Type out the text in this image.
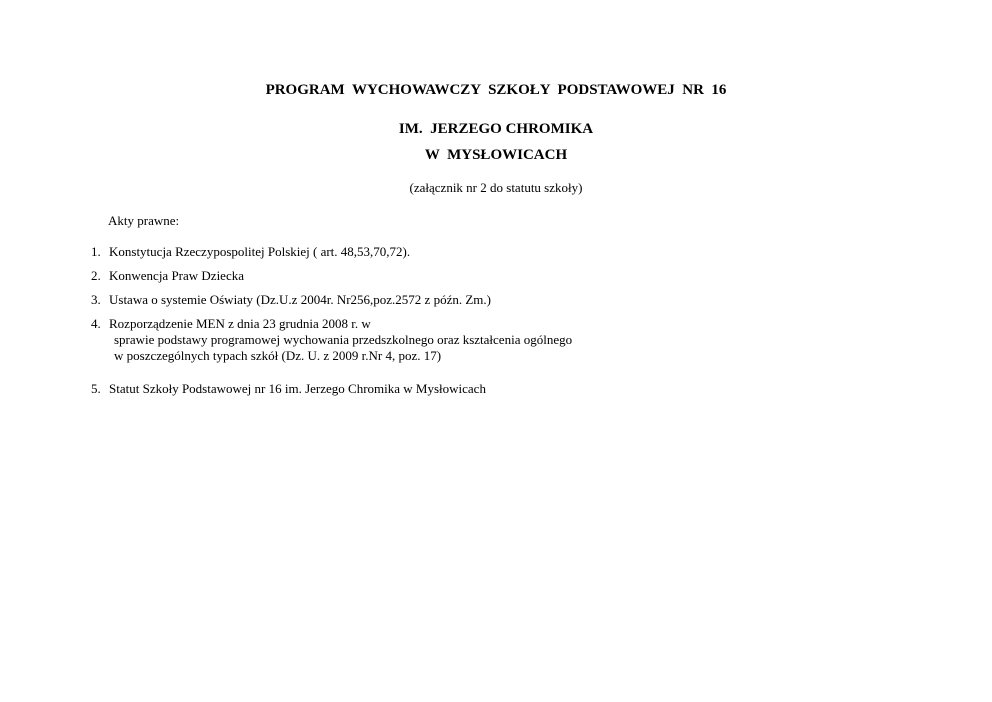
PROGRAM  WYCHOWAWCZY  SZKOŁY  PODSTAWOWEJ  NR  16
IM.  JERZEGO CHROMIKA
W  MYSŁOWICACH
(załącznik nr 2 do statutu szkoły)
Akty prawne:
1. Konstytucja Rzeczypospolitej Polskiej ( art. 48,53,70,72).
2. Konwencja Praw Dziecka
3. Ustawa o systemie Oświaty (Dz.U.z 2004r. Nr256,poz.2572 z późn. Zm.)
4. Rozporządzenie MEN z dnia 23 grudnia 2008 r. w
sprawie podstawy programowej wychowania przedszkolnego oraz kształcenia ogólnego
w poszczególnych typach szkół (Dz. U. z 2009 r.Nr 4, poz. 17)
5. Statut Szkoły Podstawowej nr 16 im. Jerzego Chromika w Mysłowicach
